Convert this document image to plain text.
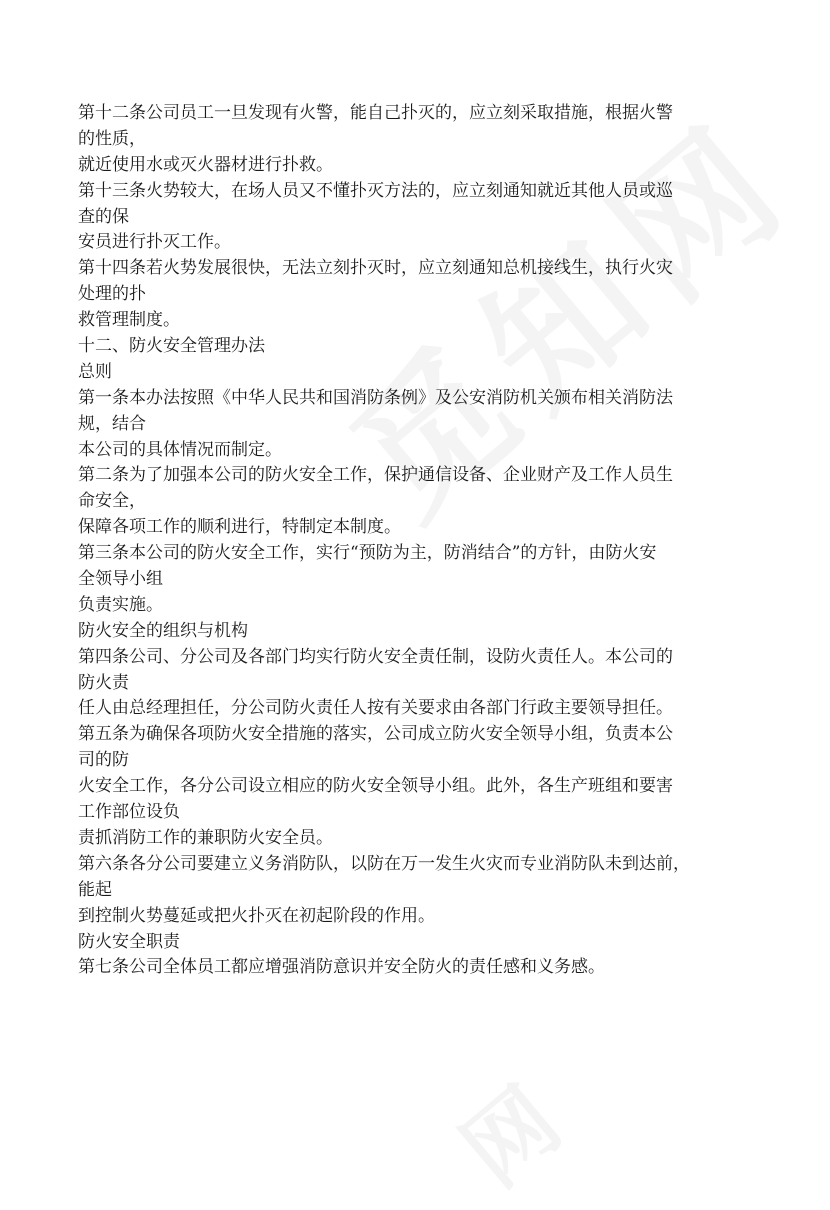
第十二条公司员工一旦发现有火警，能自己扑灭的，应立刻采取措施，根据火警
的性质，
就近使用水或灭火器材进行扑救。
第十三条火势较大，在场人员又不懂扑灭方法的，应立刻通知就近其他人员或巡
查的保
安员进行扑灭工作。
第十四条若火势发展很快，无法立刻扑灭时，应立刻通知总机接线生，执行火灾
处理的扑
救管理制度。
十二、防火安全管理办法
总则
第一条本办法按照《中华人民共和国消防条例》及公安消防机关颁布相关消防法
规，结合
本公司的具体情况而制定。
第二条为了加强本公司的防火安全工作，保护通信设备、企业财产及工作人员生
命安全，
保障各项工作的顺利进行，特制定本制度。
第三条本公司的防火安全工作，实行“预防为主，防消结合”的方针，由防火安
全领导小组
负责实施。
防火安全的组织与机构
第四条公司、分公司及各部门均实行防火安全责任制，设防火责任人。本公司的
防火责
任人由总经理担任，分公司防火责任人按有关要求由各部门行政主要领导担任。
第五条为确保各项防火安全措施的落实，公司成立防火安全领导小组，负责本公
司的防
火安全工作，各分公司设立相应的防火安全领导小组。此外，各生产班组和要害
工作部位设负
责抓消防工作的兼职防火安全员。
第六条各分公司要建立义务消防队，以防在万一发生火灾而专业消防队未到达前，
能起
到控制火势蔓延或把火扑灭在初起阶段的作用。
防火安全职责
第七条公司全体员工都应增强消防意识并安全防火的责任感和义务感。
